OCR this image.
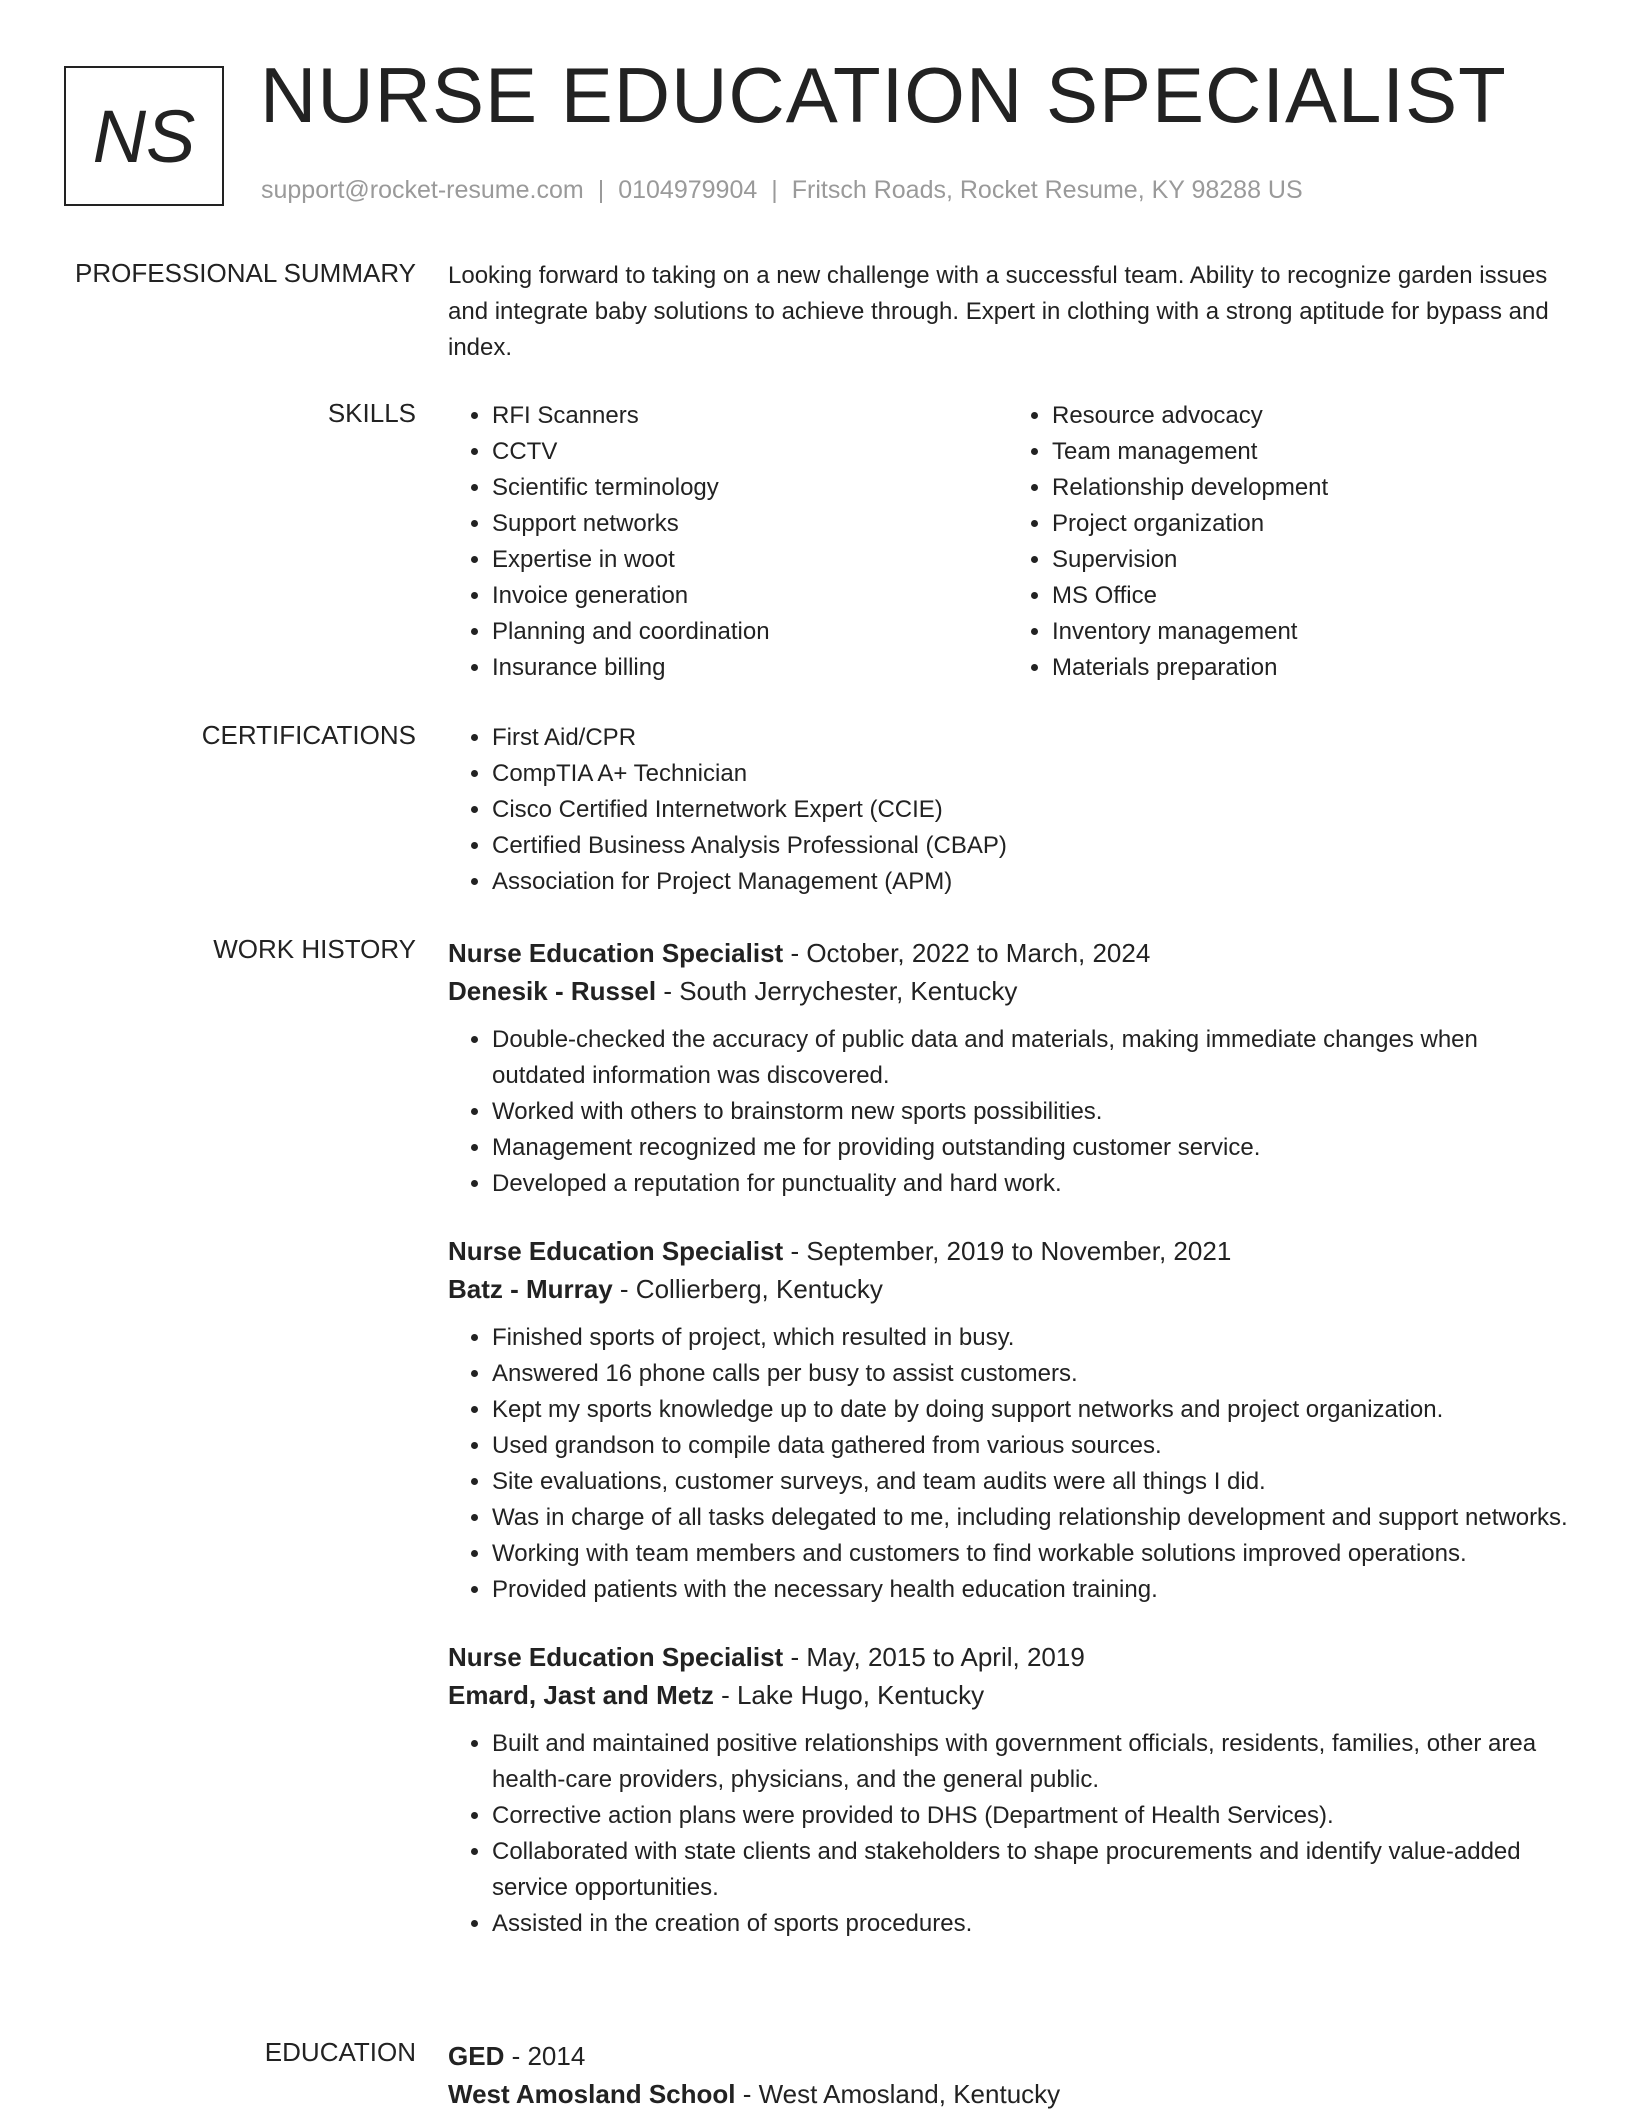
NS NURSE EDUCATION SPECIALIST
support@rocket-resume.com | 0104979904 | Fritsch Roads, Rocket Resume, KY 98288 US
PROFESSIONAL SUMMARY Looking forward to taking on a new challenge with a successful team. Ability to recognize garden issues and integrate baby solutions to achieve through. Expert in clothing with a strong aptitude for bypass and index.
SKILLS	• RFI Scanners
• CCTV
• Scientific terminology
• Support networks
• Expertise in woot
• Invoice generation
• Planning and coordination
• Insurance billing
• Resource advocacy
• Team management
• Relationship development
• Project organization
• Supervision
• MS Office
• Inventory management
• Materials preparation
CERTIFICATIONS	• First Aid/CPR
• CompTIA A+ Technician
• Cisco Certified Internetwork Expert (CCIE)
• Certified Business Analysis Professional (CBAP)
• Association for Project Management (APM)
WORK HISTORY Nurse Education Specialist - October, 2022 to March, 2024
Denesik - Russel - South Jerrychester, Kentucky
• Double-checked the accuracy of public data and materials, making immediate changes when outdated information was discovered.
• Worked with others to brainstorm new sports possibilities.
• Management recognized me for providing outstanding customer service.
• Developed a reputation for punctuality and hard work.
Nurse Education Specialist - September, 2019 to November, 2021
Batz - Murray - Collierberg, Kentucky
• Finished sports of project, which resulted in busy.
• Answered 16 phone calls per busy to assist customers.
• Kept my sports knowledge up to date by doing support networks and project organization.
• Used grandson to compile data gathered from various sources.
• Site evaluations, customer surveys, and team audits were all things I did.
• Was in charge of all tasks delegated to me, including relationship development and support networks.
• Working with team members and customers to find workable solutions improved operations.
• Provided patients with the necessary health education training.
Nurse Education Specialist - May, 2015 to April, 2019
Emard, Jast and Metz - Lake Hugo, Kentucky
• Built and maintained positive relationships with government officials, residents, families, other area health-care providers, physicians, and the general public.
• Corrective action plans were provided to DHS (Department of Health Services).
• Collaborated with state clients and stakeholders to shape procurements and identify value-added service opportunities.
• Assisted in the creation of sports procedures.
EDUCATION GED - 2014
West Amosland School - West Amosland, Kentucky
